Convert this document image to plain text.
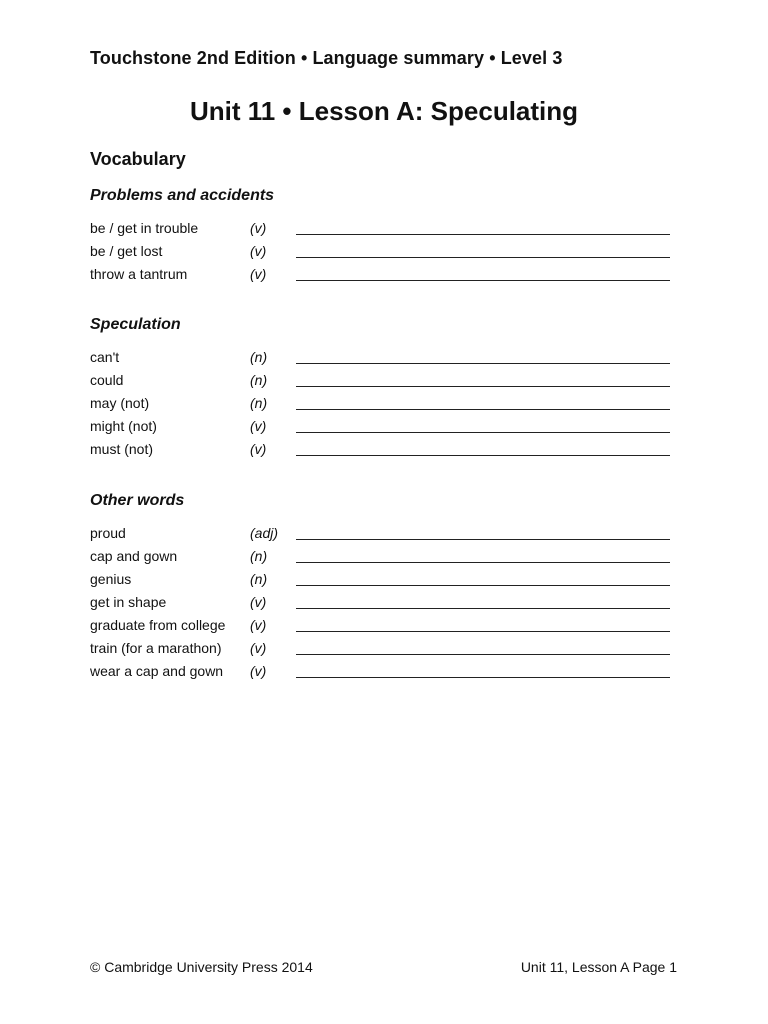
Touchstone 2nd Edition • Language summary • Level 3
Unit 11 • Lesson A: Speculating
Vocabulary
Problems and accidents
be / get in trouble	(v)
be / get lost	(v)
throw a tantrum	(v)
Speculation
can't	(n)
could	(n)
may (not)	(n)
might (not)	(v)
must (not)	(v)
Other words
proud	(adj)
cap and gown	(n)
genius	(n)
get in shape	(v)
graduate from college (v)
train (for a marathon) (v)
wear a cap and gown (v)
© Cambridge University Press 2014	Unit 11, Lesson A Page 1
